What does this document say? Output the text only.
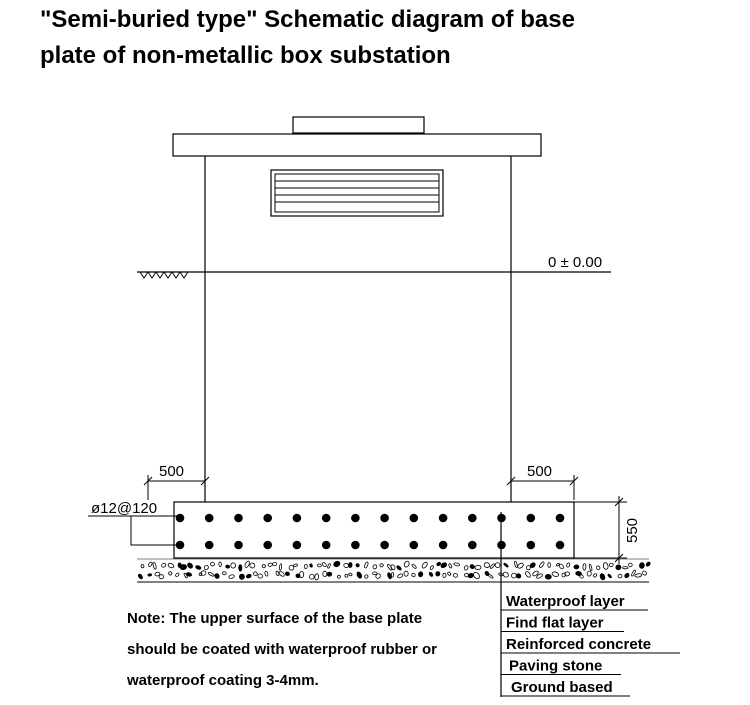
"Semi-buried type" Schematic diagram of base
plate of non-metallic box substation
0 ± 0.00
500	500
ø12@120
550
Waterproof layer
Find flat layer
Reinforced concrete
Paving stone
Ground based
Note: The upper surface of the base plate
should be coated with waterproof rubber or
waterproof coating 3-4mm.
